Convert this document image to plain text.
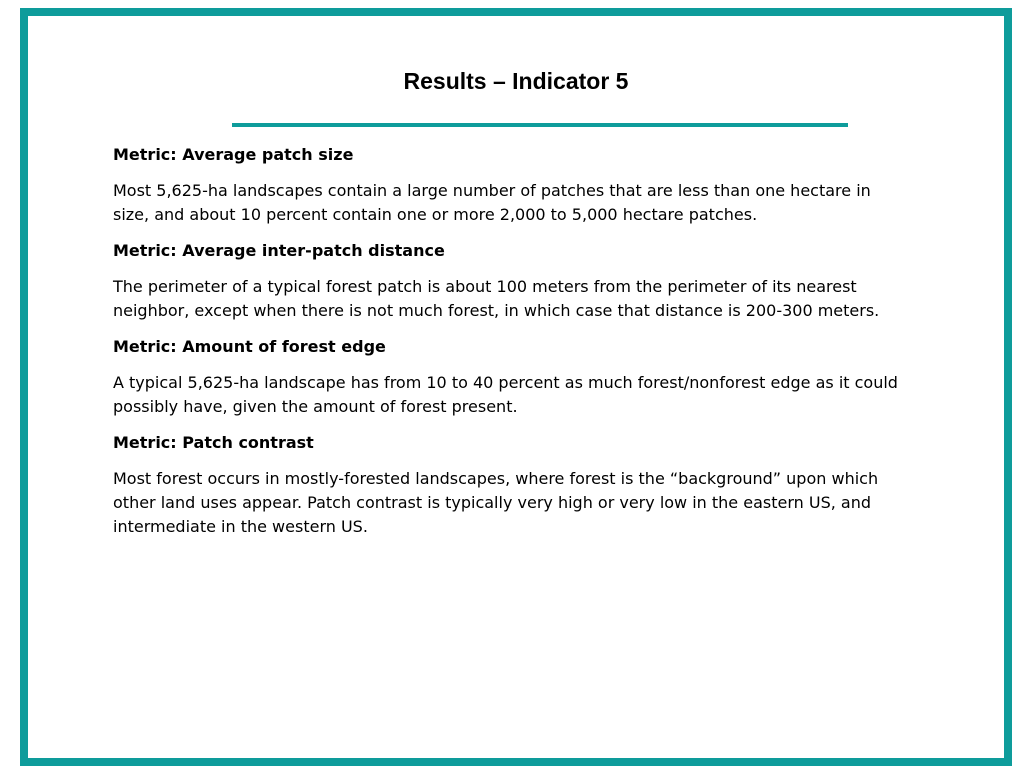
Results – Indicator 5

Metric: Average patch size

Most 5,625-ha landscapes contain a large number of patches that are less than one hectare in size, and about 10 percent contain one or more 2,000 to 5,000 hectare patches.

Metric: Average inter-patch distance

The perimeter of a typical forest patch is about 100 meters from the perimeter of its nearest neighbor, except when there is not much forest, in which case that distance is 200-300 meters.

Metric: Amount of forest edge

A typical 5,625-ha landscape has from 10 to 40 percent as much forest/nonforest edge as it could possibly have, given the amount of forest present.

Metric: Patch contrast

Most forest occurs in mostly-forested landscapes, where forest is the “background” upon which other land uses appear. Patch contrast is typically very high or very low in the eastern US, and intermediate in the western US.
